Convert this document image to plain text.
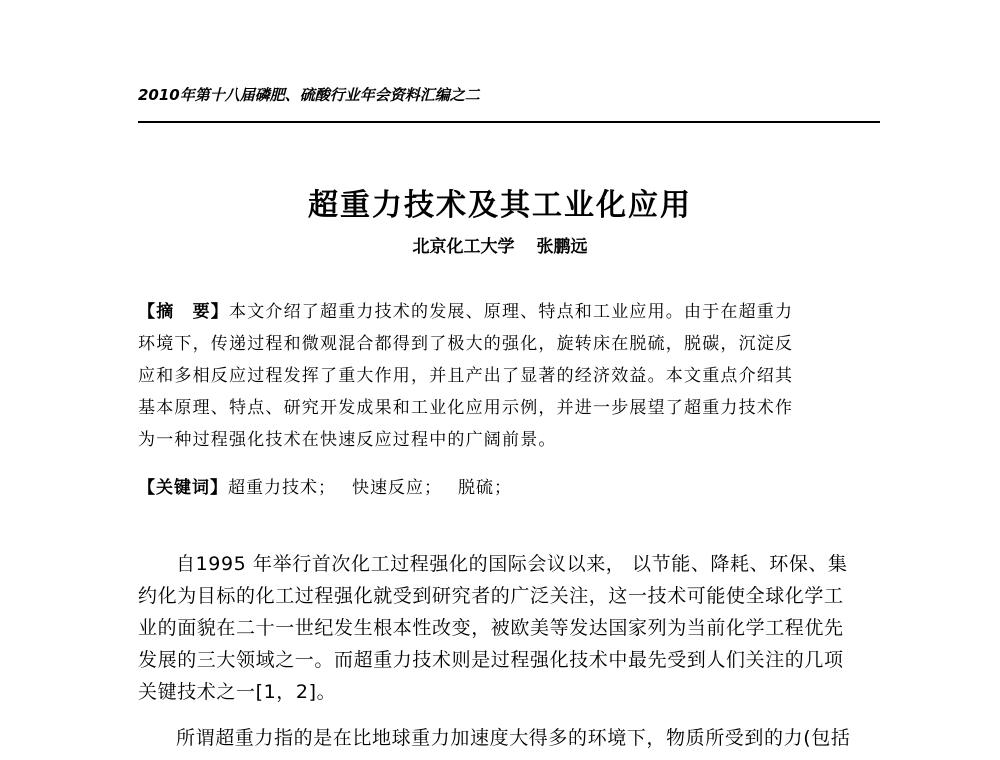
2010年第十八届磷肥、硫酸行业年会资料汇编之二
超重力技术及其工业化应用
北京化工大学 张鹏远
【摘　要】本文介绍了超重力技术的发展、原理、特点和工业应用。由于在超重力
环境下，传递过程和微观混合都得到了极大的强化，旋转床在脱硫，脱碳，沉淀反
应和多相反应过程发挥了重大作用，并且产出了显著的经济效益。本文重点介绍其
基本原理、特点、研究开发成果和工业化应用示例，并进一步展望了超重力技术作
为一种过程强化技术在快速反应过程中的广阔前景。
【关键词】超重力技术； 快速反应； 脱硫；
自1995 年举行首次化工过程强化的国际会议以来， 以节能、降耗、环保、集
约化为目标的化工过程强化就受到研究者的广泛关注，这一技术可能使全球化学工
业的面貌在二十一世纪发生根本性改变，被欧美等发达国家列为当前化学工程优先
发展的三大领域之一。而超重力技术则是过程强化技术中最先受到人们关注的几项
关键技术之一[1，2]。
所谓超重力指的是在比地球重力加速度大得多的环境下，物质所受到的力(包括
